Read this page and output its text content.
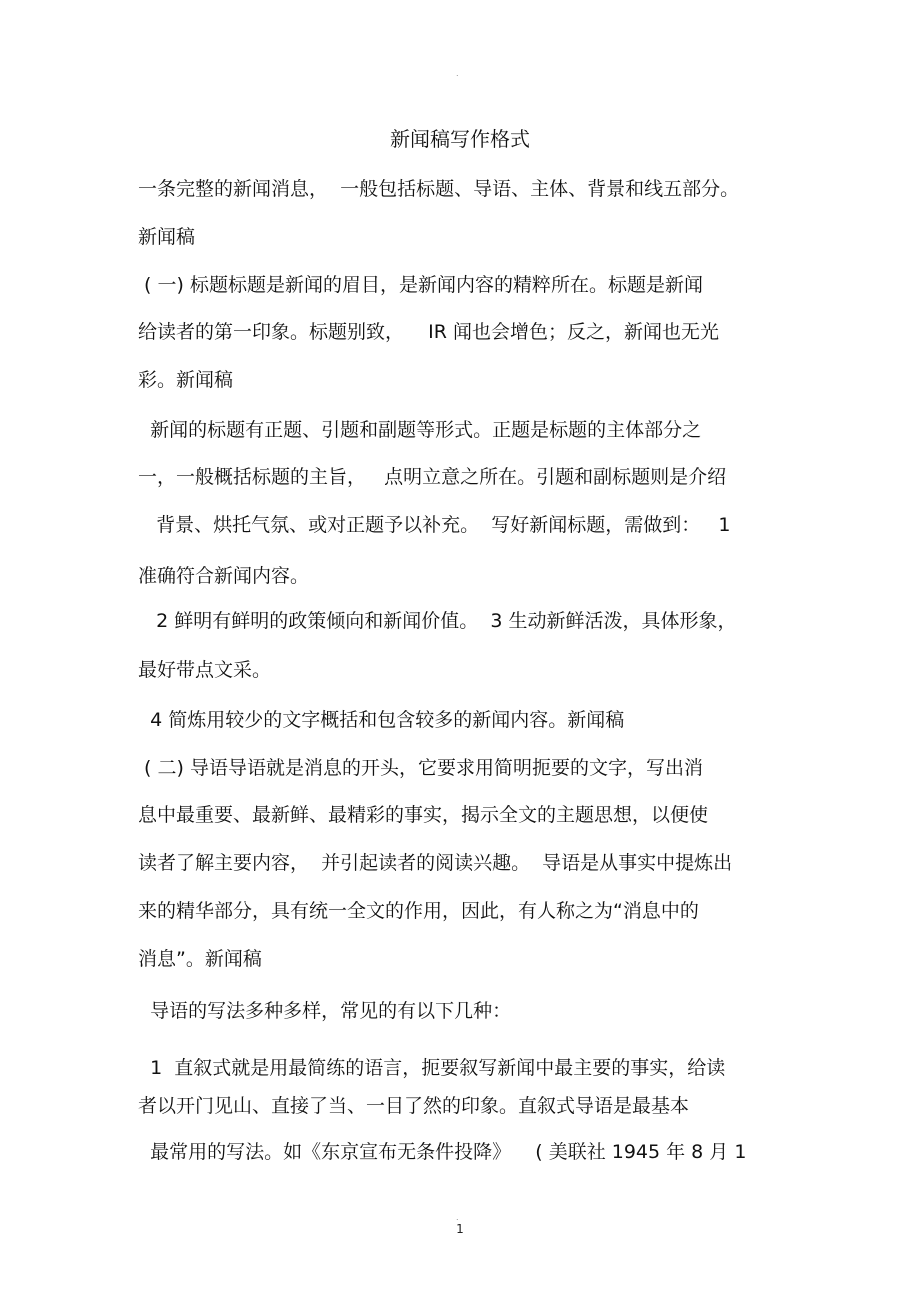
.
新闻稿写作格式
一条完整的新闻消息，  一般包括标题、导语、主体、背景和线五部分。
新闻稿
( 一) 标题标题是新闻的眉目，是新闻内容的精粹所在。标题是新闻
给读者的第一印象。标题别致，    IR 闻也会增色；反之，新闻也无光
彩。新闻稿
新闻的标题有正题、引题和副题等形式。正题是标题的主体部分之
一，一般概括标题的主旨，   点明立意之所在。引题和副标题则是介绍
背景、烘托气氛、或对正题予以补充。  写好新闻标题，需做到：   1
准确符合新闻内容。
2 鲜明有鲜明的政策倾向和新闻价值。  3 生动新鲜活泼，具体形象，
最好带点文采。
4 简炼用较少的文字概括和包含较多的新闻内容。新闻稿
( 二) 导语导语就是消息的开头，它要求用简明扼要的文字，写出消
息中最重要、最新鲜、最精彩的事实，揭示全文的主题思想，以便使
读者了解主要内容，  并引起读者的阅读兴趣。  导语是从事实中提炼出
来的精华部分，具有统一全文的作用，因此，有人称之为“消息中的
消息”。新闻稿
导语的写法多种多样，常见的有以下几种：
1  直叙式就是用最简练的语言，扼要叙写新闻中最主要的事实，给读
者以开门见山、直接了当、一目了然的印象。直叙式导语是最基本
最常用的写法。如《东京宣布无条件投降》    ( 美联社 1945 年 8 月 1
.
1
